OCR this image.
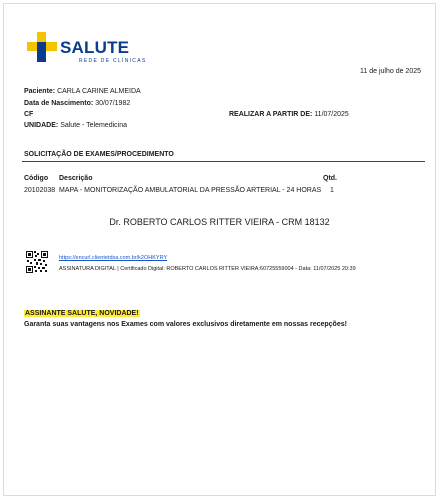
SALUTE
REDE DE CLÍNICAS
11 de julho de 2025
Paciente: CARLA CARINE ALMEIDA
Data de Nascimento: 30/07/1982
CF	REALIZAR A PARTIR DE: 11/07/2025
UNIDADE: Salute - Telemedicina
SOLICITAÇÃO DE EXAMES/PROCEDIMENTO
Código Descrição	Qtd.
20102038 MAPA - MONITORIZAÇÃO AMBULATORIAL DA PRESSÃO ARTERIAL - 24 HORAS 1
Dr. ROBERTO CARLOS RITTER VIEIRA - CRM 18132
https://encurl.clientetdsa.com.br/k2OHKYRY
ASSINATURA DIGITAL | Certificado Digital: ROBERTO CARLOS RITTER VIEIRA:60725559004 - Data: 11/07/2025 20:39
ASSINANTE SALUTE, NOVIDADE!
Garanta suas vantagens nos Exames com valores exclusivos diretamente em nossas recepções!
